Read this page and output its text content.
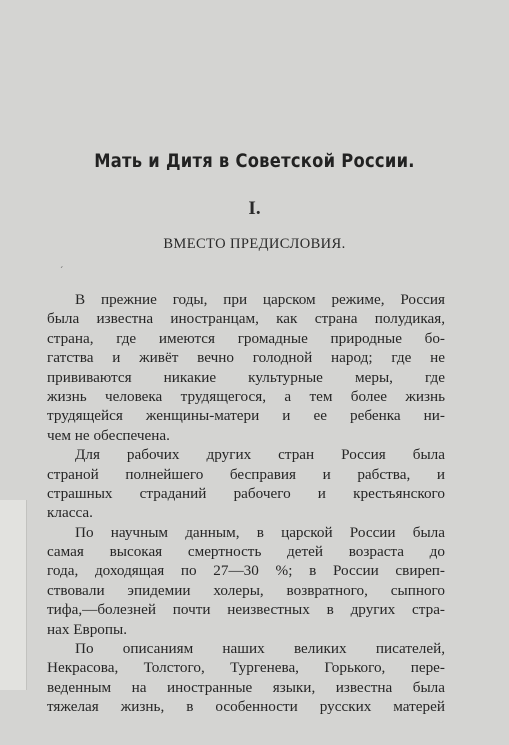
Мать и Дитя в Советской России.
I.
ВМЕСТО ПРЕДИСЛОВИЯ.
ˊ
В прежние годы, при царском режиме, Россия
была известна иностранцам, как страна полудикая,
страна, где имеются громадные природные бо-
гатства и живёт вечно голодной народ; где не
прививаются никакие культурные меры, где
жизнь человека трудящегося, а тем более жизнь
трудящейся женщины-матери и ее ребенка ни-
чем не обеспечена.
Для рабочих других стран Россия была
страной полнейшего бесправия и рабства, и
страшных страданий рабочего и крестьянского
класса.
По научным данным, в царской России была
самая высокая смертность детей возраста до
года, доходящая по 27—30 %; в России свирeп-
ствовали эпидемии холеры, возвратного, сыпного
тифа,—болезней почти неизвестных в других стра-
нах Европы.
По описаниям наших великих писателей,
Некрасова, Толстого, Тургенева, Горького, пере-
веденным на иностранные языки, известна была
тяжелая жизнь, в особенности русских матерей
